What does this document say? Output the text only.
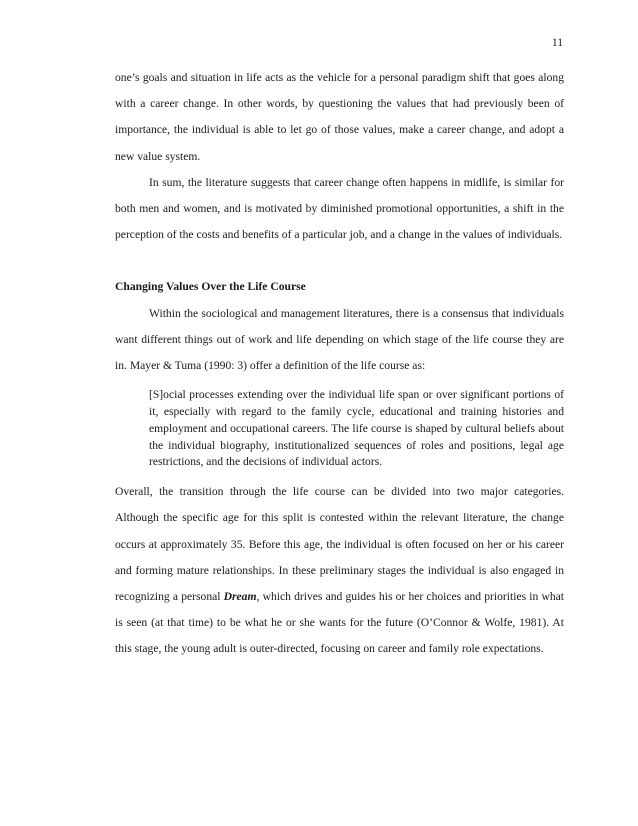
11

one’s goals and situation in life acts as the vehicle for a personal paradigm shift that goes along with a career change. In other words, by questioning the values that had previously been of importance, the individual is able to let go of those values, make a career change, and adopt a new value system.

In sum, the literature suggests that career change often happens in midlife, is similar for both men and women, and is motivated by diminished promotional opportunities, a shift in the perception of the costs and benefits of a particular job, and a change in the values of individuals.

Changing Values Over the Life Course

Within the sociological and management literatures, there is a consensus that individuals want different things out of work and life depending on which stage of the life course they are in. Mayer & Tuma (1990: 3) offer a definition of the life course as:

[S]ocial processes extending over the individual life span or over significant portions of it, especially with regard to the family cycle, educational and training histories and employment and occupational careers. The life course is shaped by cultural beliefs about the individual biography, institutionalized sequences of roles and positions, legal age restrictions, and the decisions of individual actors.

Overall, the transition through the life course can be divided into two major categories. Although the specific age for this split is contested within the relevant literature, the change occurs at approximately 35. Before this age, the individual is often focused on her or his career and forming mature relationships. In these preliminary stages the individual is also engaged in recognizing a personal Dream, which drives and guides his or her choices and priorities in what is seen (at that time) to be what he or she wants for the future (O’Connor & Wolfe, 1981). At this stage, the young adult is outer-directed, focusing on career and family role expectations.
